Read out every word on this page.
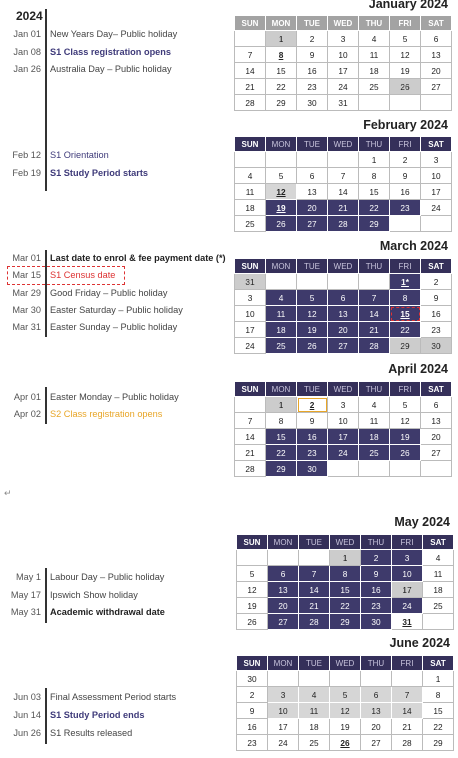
2024
↵
Jan 01 New Years Day– Public holiday
Jan 08 S1 Class registration opens
Jan 26 Australia Day – Public holiday
Feb 12 S1 Orientation
Feb 19 S1 Study Period starts
Mar 01 Last date to enrol & fee payment date (*)
Mar 15 S1 Census date
Mar 29 Good Friday – Public holiday
Mar 30 Easter Saturday – Public holiday
Mar 31 Easter Sunday – Public holiday
Apr 01 Easter Monday – Public holiday
Apr 02 S2 Class registration opens
May 1 Labour Day – Public holiday
May 17 Ipswich Show holiday
May 31 Academic withdrawal date
Jun 03 Final Assessment Period starts
Jun 14 S1 Study Period ends
Jun 26 S1 Results released
January 2024
SUN	MON	TUE	WED	THU	FRI	SAT
	1	2	3	4	5	6
7	8	9	10	11	12	13
14	15	16	17	18	19	20
21	22	23	24	25	26	27
28	29	30	31			
February 2024
SUN	MON	TUE	WED	THU	FRI	SAT
				1	2	3
4	5	6	7	8	9	10
11	12	13	14	15	16	17
18	19	20	21	22	23	24
25	26	27	28	29		
March 2024
SUN	MON	TUE	WED	THU	FRI	SAT
31					1*	2
3	4	5	6	7	8	9
10	11	12	13	14	15	16
17	18	19	20	21	22	23
24	25	26	27	28	29	30
April 2024
SUN	MON	TUE	WED	THU	FRI	SAT
	1	2	3	4	5	6
7	8	9	10	11	12	13
14	15	16	17	18	19	20
21	22	23	24	25	26	27
28	29	30				
May 2024
SUN	MON	TUE	WED	THU	FRI	SAT
			1	2	3	4
5	6	7	8	9	10	11
12	13	14	15	16	17	18
19	20	21	22	23	24	25
26	27	28	29	30	31	
June 2024
SUN	MON	TUE	WED	THU	FRI	SAT
30						1
2	3	4	5	6	7	8
9	10	11	12	13	14	15
16	17	18	19	20	21	22
23	24	25	26	27	28	29
